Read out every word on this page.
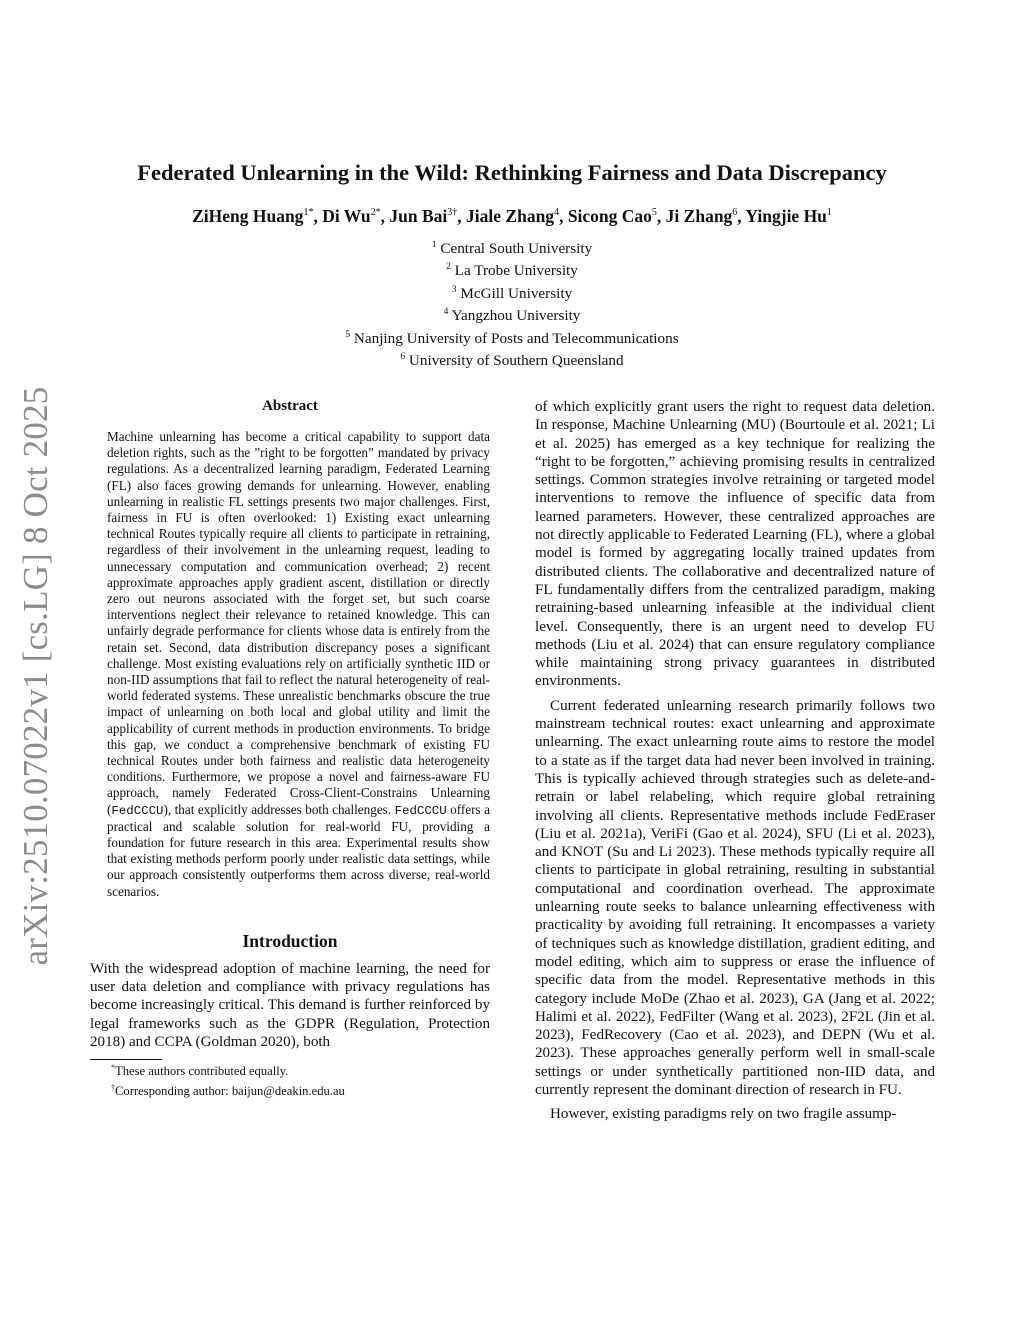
arXiv:2510.07022v1 [cs.LG] 8 Oct 2025
Federated Unlearning in the Wild: Rethinking Fairness and Data Discrepancy
ZiHeng Huang$^{1*}$, Di $Wu^{2*}$, Jun Bai$^{3\dagger}$, Jiale Zhang$^4$, Sicong Cao$^5$, Ji Zhang$^6$, Yingjie Hu$^1$
$^1$ Central South University
$^2$ La Trobe University
$^3$ McGill University
$^4$ Yangzhou University
$^5$ Nanjing University of Posts and Telecommunications
$^6$ University of Southern Queensland
Abstract
Machine unlearning has become a critical capability to support data deletion rights, such as the ”right to be forgotten” mandated by privacy regulations. As a decentralized learning paradigm, Federated Learning (FL) also faces growing demands for unlearning. However, enabling unlearning in realistic FL settings presents two major challenges. First, fairness in FU is often overlooked: 1) Existing exact unlearning technical Routes typically require all clients to participate in retraining, regardless of their involvement in the unlearning request, leading to unnecessary computation and communication overhead; 2) recent approximate approaches apply gradient ascent, distillation or directly zero out neurons associated with the forget set, but such coarse interventions neglect their relevance to retained knowledge. This can unfairly degrade performance for clients whose data is entirely from the retain set. Second, data distribution discrepancy poses a significant challenge. Most existing evaluations rely on artificially synthetic IID or non-IID assumptions that fail to reflect the natural heterogeneity of real-world federated systems. These unrealistic benchmarks obscure the true impact of unlearning on both local and global utility and limit the applicability of current methods in production environments. To bridge this gap, we conduct a comprehensive benchmark of existing FU technical Routes under both fairness and realistic data heterogeneity conditions. Furthermore, we propose a novel and fairness-aware FU approach, namely Federated Cross-Client-Constrains Unlearning (FedCCCU), that explicitly addresses both challenges. FedCCCU offers a practical and scalable solution for real-world FU, providing a foundation for future research in this area. Experimental results show that existing methods perform poorly under realistic data settings, while our approach consistently outperforms them across diverse, real-world scenarios.
Introduction

With the widespread adoption of machine learning, the need for user data deletion and compliance with privacy regulations has become increasingly critical. This demand is further reinforced by legal frameworks such as the GDPR (Regulation, Protection 2018) and CCPA (Goldman 2020), both

*These authors contributed equally.
†Corresponding author: baijun@deakin.edu.au

of which explicitly grant users the right to request data deletion. In response, Machine Unlearning (MU) (Bourtoule et al. 2021; Li et al. 2025) has emerged as a key technique for realizing the “right to be forgotten,” achieving promising results in centralized settings. Common strategies involve retraining or targeted model interventions to remove the influence of specific data from learned parameters. However, these centralized approaches are not directly applicable to Federated Learning (FL), where a global model is formed by aggregating locally trained updates from distributed clients. The collaborative and decentralized nature of FL fundamentally differs from the centralized paradigm, making retraining-based unlearning infeasible at the individual client level. Consequently, there is an urgent need to develop FU methods (Liu et al. 2024) that can ensure regulatory compliance while maintaining strong privacy guarantees in distributed environments.

Current federated unlearning research primarily follows two mainstream technical routes: exact unlearning and approximate unlearning. The exact unlearning route aims to restore the model to a state as if the target data had never been involved in training. This is typically achieved through strategies such as delete-and-retrain or label relabeling, which require global retraining involving all clients. Representative methods include FedEraser (Liu et al. 2021a), VeriFi (Gao et al. 2024), SFU (Li et al. 2023), and KNOT (Su and Li 2023). These methods typically require all clients to participate in global retraining, resulting in substantial computational and coordination overhead. The approximate unlearning route seeks to balance unlearning effectiveness with practicality by avoiding full retraining. It encompasses a variety of techniques such as knowledge distillation, gradient editing, and model editing, which aim to suppress or erase the influence of specific data from the model. Representative methods in this category include MoDe (Zhao et al. 2023), GA (Jang et al. 2022; Halimi et al. 2022), FedFilter (Wang et al. 2023), 2F2L (Jin et al. 2023), FedRecovery (Cao et al. 2023), and DEPN (Wu et al. 2023). These approaches generally perform well in small-scale settings or under synthetically partitioned non-IID data, and currently represent the dominant direction of research in FU.

However, existing paradigms rely on two fragile assump-
